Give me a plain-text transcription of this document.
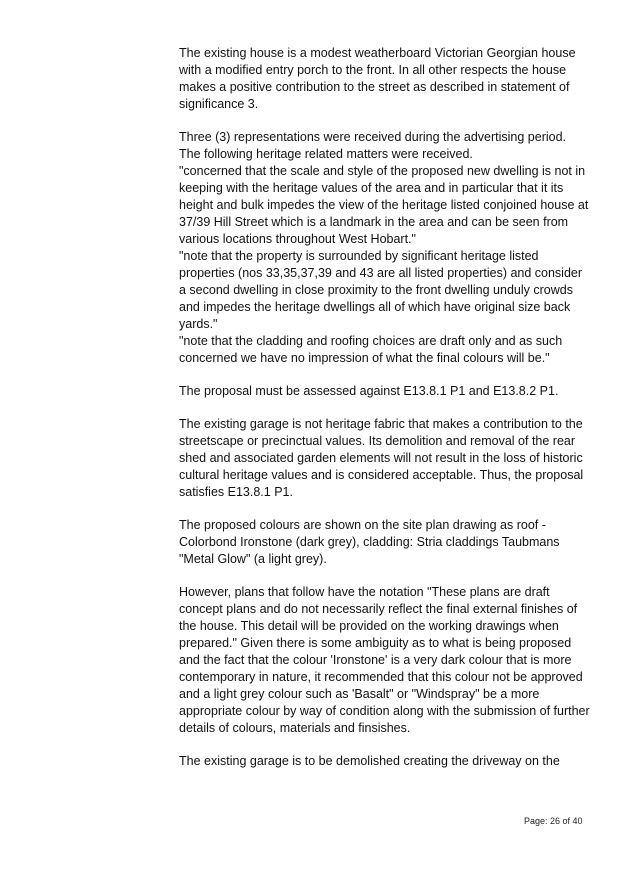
The existing house is a modest weatherboard Victorian Georgian house
with a modified entry porch to the front. In all other respects the house
makes a positive contribution to the street as described in statement of
significance 3.
Three (3) representations were received during the advertising period.
The following heritage related matters were received.
"concerned that the scale and style of the proposed new dwelling is not in
keeping with the heritage values of the area and in particular that it its
height and bulk impedes the view of the heritage listed conjoined house at
37/39 Hill Street which is a landmark in the area and can be seen from
various locations throughout West Hobart."
"note that the property is surrounded by significant heritage listed
properties (nos 33,35,37,39 and 43 are all listed properties) and consider
a second dwelling in close proximity to the front dwelling unduly crowds
and impedes the heritage dwellings all of which have original size back
yards."
"note that the cladding and roofing choices are draft only and as such
concerned we have no impression of what the final colours will be."
The proposal must be assessed against E13.8.1 P1 and E13.8.2 P1.
The existing garage is not heritage fabric that makes a contribution to the
streetscape or precinctual values. Its demolition and removal of the rear
shed and associated garden elements will not result in the loss of historic
cultural heritage values and is considered acceptable. Thus, the proposal
satisfies E13.8.1 P1.
The proposed colours are shown on the site plan drawing as roof -
Colorbond Ironstone (dark grey), cladding: Stria claddings Taubmans
"Metal Glow" (a light grey).
However, plans that follow have the notation "These plans are draft
concept plans and do not necessarily reflect the final external finishes of
the house. This detail will be provided on the working drawings when
prepared." Given there is some ambiguity as to what is being proposed
and the fact that the colour 'Ironstone' is a very dark colour that is more
contemporary in nature, it recommended that this colour not be approved
and a light grey colour such as 'Basalt" or "Windspray" be a more
appropriate colour by way of condition along with the submission of further
details of colours, materials and finsishes.
The existing garage is to be demolished creating the driveway on the
Page: 26 of 40
